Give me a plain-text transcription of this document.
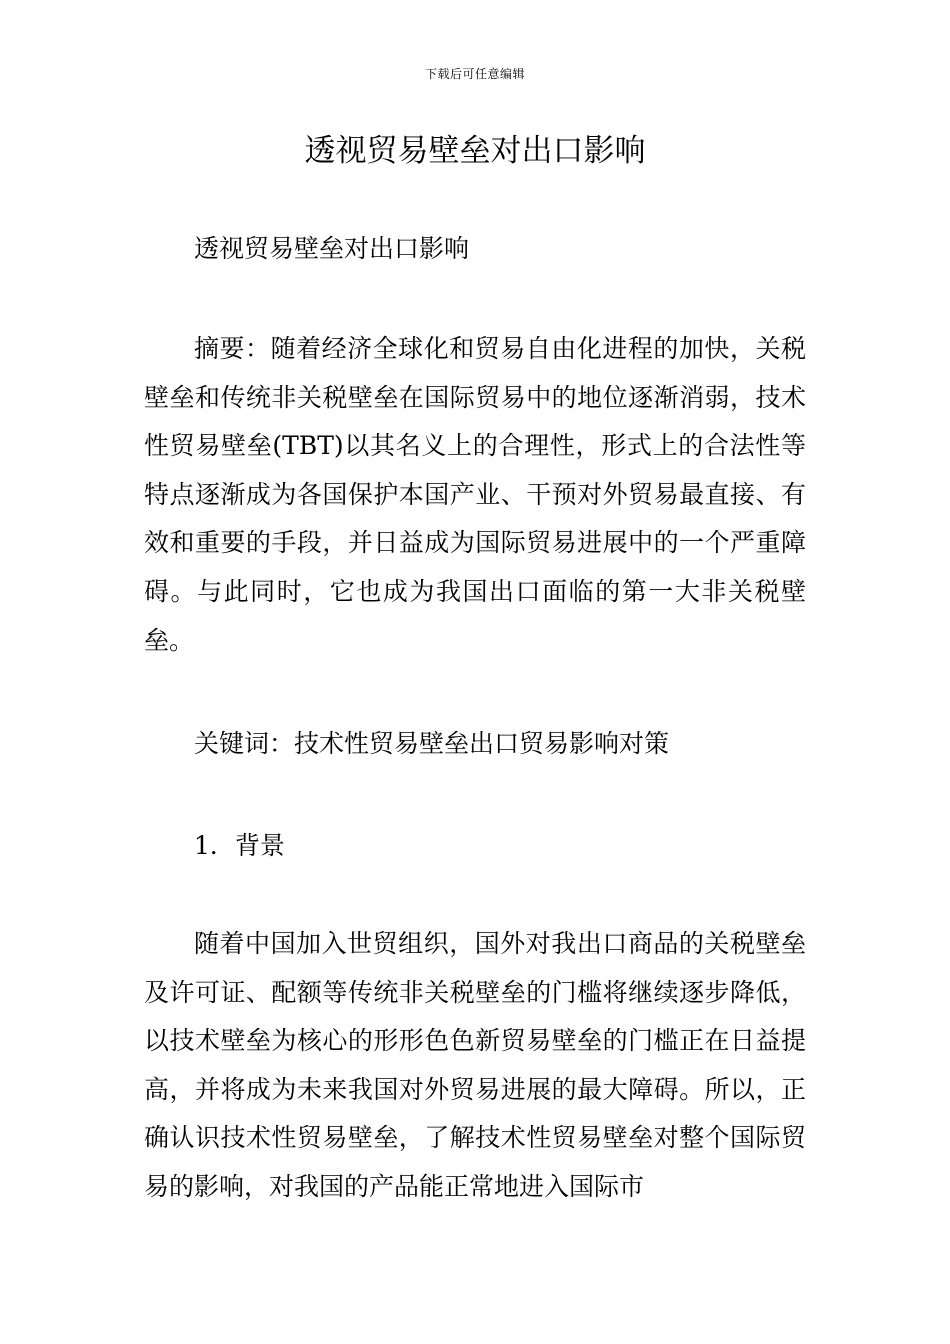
下载后可任意编辑
透视贸易壁垒对出口影响

透视贸易壁垒对出口影响

摘要：随着经济全球化和贸易自由化进程的加快，关税壁垒和传统非关税壁垒在国际贸易中的地位逐渐消弱，技术性贸易壁垒(TBT)以其名义上的合理性，形式上的合法性等特点逐渐成为各国保护本国产业、干预对外贸易最直接、有效和重要的手段，并日益成为国际贸易进展中的一个严重障碍。与此同时，它也成为我国出口面临的第一大非关税壁垒。

关键词：技术性贸易壁垒出口贸易影响对策

1．背景

随着中国加入世贸组织，国外对我出口商品的关税壁垒及许可证、配额等传统非关税壁垒的门槛将继续逐步降低，以技术壁垒为核心的形形色色新贸易壁垒的门槛正在日益提高，并将成为未来我国对外贸易进展的最大障碍。所以，正确认识技术性贸易壁垒，了解技术性贸易壁垒对整个国际贸易的影响，对我国的产品能正常地进入国际市
